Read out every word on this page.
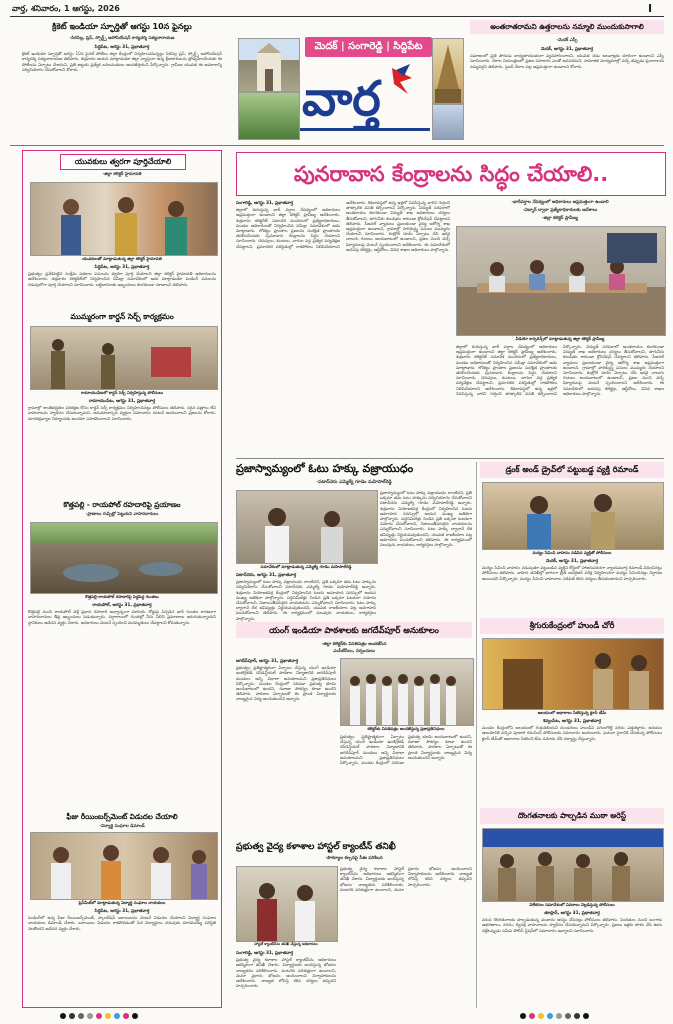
వార్త, శనివారం, 1 ఆగస్టు, 2026	I
క్రికెట్ ఇండియా స్ఫూర్తితో ఆగస్టు 10న ఫైనల్లు
-సిరిసిల్ల, ప్రెస్, స్పోర్ట్స్ అసోసియేషన్ కార్యదర్శి సత్యనారాయణ
సిద్దిపేట, ఆగస్టు 31, ప్రభాతవార్త

క్రికెట్ ఇండియా స్ఫూర్తితో ఆగస్టు 10న ఫైనల్ పోటీలు జిల్లా కేంద్రంలో నిర్వహించనున్నట్లు సిరిసిల్ల ప్రెస్, స్పోర్ట్స్ అసోసియేషన్ కార్యదర్శి సత్యనారాయణ తెలిపారు. శుక్రవారం ఆయన మాట్లాడుతూ జిల్లా వ్యాప్తంగా ఉన్న క్రీడాకారులను ప్రోత్సహించేందుకు ఈ పోటీలను ఏర్పాటు చేశామని, ప్రతి జట్టుకు ప్రత్యేక బహుమతులు అందజేస్తామని పేర్కొన్నారు. గ్రామీణ యువత ఈ అవకాశాన్ని సద్వినియోగం చేసుకోవాలని కోరారు.

మెదక్ | సంగారెడ్డి | సిద్దిపేట
వార్త
అంతరాతరామని ఉత్తరాలను నమ్మాలి ముందుకుసాగాలి
-మెదక్ ఎస్పీ
మెదక్, ఆగస్టు 31, ప్రభాతవార్త

సమాజంలో ప్రతి పౌరుడు బాధ్యతాయుతంగా వ్యవహరించాలని, యువత చెడు అలవాట్లకు దూరంగా ఉండాలని ఎస్పీ సూచించారు. నేరాల నియంత్రణలో ప్రజల సహకారం ఎంతో అవసరమని, సామాజిక మాధ్యమాల్లో వచ్చే తప్పుడు ప్రచారాలను నమ్మవద్దని తెలిపారు. సైబర్ నేరాల పట్ల అప్రమత్తంగా ఉండాలని కోరారు.

యువకులు త్వరగా పూర్తిచేయాలి
-జిల్లా కలెక్టర్ హైమావతి
యువకులతో మాట్లాడుతున్న జిల్లా కలెక్టర్ హైమావతి
సిద్దిపేట, ఆగస్టు 31, ప్రభాతవార్త

ప్రభుత్వం ప్రవేశపెట్టిన సంక్షేమ పథకాల పనులను త్వరగా పూర్తి చేయాలని జిల్లా కలెక్టర్ హైమావతి అధికారులను ఆదేశించారు. శుక్రవారం కలెక్టరేట్‌లో నిర్వహించిన సమీక్షా సమావేశంలో ఆమె మాట్లాడుతూ పెండింగ్ పనులను గడువులోగా పూర్తి చేయాలని సూచించారు. లబ్ధిదారులకు ఇబ్బందులు కలగకుండా చూడాలని తెలిపారు.

ముమ్మరంగా కార్డన్ సెర్చ్ కార్యక్రమం
రామాయంపేటలో కార్డన్ సెర్చ్ నిర్వహిస్తున్న పోలీసులు
రామాయంపేట, ఆగస్టు 31, ప్రభాతవార్త

గ్రామాల్లో శాంతిభద్రతల పరిరక్షణ కోసం కార్డన్ సెర్చ్ కార్యక్రమం నిర్వహించినట్లు పోలీసులు తెలిపారు. సరైన పత్రాలు లేని వాహనాలను స్వాధీనం చేసుకున్నామని, అనుమానాస్పద వ్యక్తుల సమాచారం వెంటనే అందించాలని ప్రజలను కోరారు. మాదకద్రవ్యాల నిర్మూలనకు అందరూ సహకరించాలని సూచించారు.

కొత్తపల్లి - రాయపోల్ రహదారిపై ప్రయాణం
-ప్రాణాలు గుప్పిట్లో పెట్టుకుని వాహనదారులు
కొత్తపల్లి-రాయపోల్ రహదారిపై పెద్దపెద్ద గుంతలు
రాయపోల్, ఆగస్టు 31, ప్రభాతవార్త

కొత్తపల్లి నుంచి రాయపోల్ వెళ్లే ప్రధాన రహదారి అధ్వాన్నంగా మారింది. రోడ్డుపై ఏర్పడిన భారీ గుంతల కారణంగా వాహనదారులు తీవ్ర ఇబ్బందులు పడుతున్నారు. వర్షాకాలంలో గుంతల్లో నీరు నిలిచి ప్రమాదాలు జరుగుతున్నాయని స్థానికులు ఆవేదన వ్యక్తం చేశారు. అధికారులు వెంటనే స్పందించి మరమ్మతులు చేపట్టాలని కోరుతున్నారు.

ఫీజు రీయింబర్స్‌మెంట్ విడుదల చేయాలి
-విద్యార్థి సంఘాల డిమాండ్
ప్రెస్‌మీట్‌లో మాట్లాడుతున్న విద్యార్థి సంఘాల నాయకులు
సిద్దిపేట, ఆగస్టు 31, ప్రభాతవార్త

పెండింగ్‌లో ఉన్న ఫీజు రీయింబర్స్‌మెంట్, స్కాలర్‌షిప్ బకాయిలను వెంటనే విడుదల చేయాలని విద్యార్థి సంఘాల నాయకులు డిమాండ్ చేశారు. బకాయిలు విడుదల కాకపోవడంతో పేద విద్యార్థులు చదువుకు దూరమయ్యే పరిస్థితి నెలకొందని ఆవేదన వ్యక్తం చేశారు.

పునరావాస కేంద్రాలను సిద్ధం చేయాలి..
సంగారెడ్డి, ఆగస్టు 31, ప్రభాతవార్త

జిల్లాలో కురుస్తున్న భారీ వర్షాల నేపథ్యంలో అధికారులు అప్రమత్తంగా ఉండాలని జిల్లా కలెక్టర్ ప్రావీణ్య ఆదేశించారు. శుక్రవారం కలెక్టరేట్ సమావేశ మందిరంలో ప్రత్యేకాధికారులు, మండల అధికారులతో నిర్వహించిన సమీక్షా సమావేశంలో ఆమె మాట్లాడారు. లోతట్టు ప్రాంతాల ప్రజలను సురక్షిత ప్రాంతాలకు తరలించేందుకు పునరావాస కేంద్రాలను సిద్ధం చేయాలని సూచించారు. చెరువులు, కుంటలు, వాగుల వద్ద ప్రత్యేక పర్యవేక్షణ చేపట్టాలని, ప్రమాదకర పరిస్థితుల్లో రాకపోకలు నిలిపివేయాలని ఆదేశించారు. శిథిలావస్థలో ఉన్న ఇళ్లలో నివసిస్తున్న వారిని గుర్తించి తాత్కాలిక వసతి కల్పించాలని పేర్కొన్నారు. విద్యుత్ సరఫరాలో అంతరాయం కలగకుండా విద్యుత్ శాఖ అధికారులు చర్యలు తీసుకోవాలని, తాగునీరు కలుషితం కాకుండా క్లోరినేషన్ చేపట్టాలని తెలిపారు. సీజనల్ వ్యాధులు ప్రబలకుండా వైద్య ఆరోగ్య శాఖ అప్రమత్తంగా ఉండాలని, గ్రామాల్లో పారిశుద్ధ్య పనులు ముమ్మరం చేయాలని సూచించారు. కంట్రోల్ రూమ్ ఏర్పాటు చేసి ఇరవై నాలుగు గంటలు అందుబాటులో ఉండాలని, ప్రజల నుంచి వచ్చే ఫిర్యాదులపై వెంటనే స్పందించాలని ఆదేశించారు. ఈ సమావేశంలో అదనపు కలెక్టర్లు, ఆర్డీవోలు, వివిధ శాఖల అధికారులు పాల్గొన్నారు.

-భారీవర్షాల నేపథ్యంలో అధికారులు అప్రమత్తంగా ఉండాలి
-వెబ్నార్ ద్వారా ప్రత్యేకాధికారులకు ఆదేశాలు
-జిల్లా కలెక్టర్ ప్రావీణ్య
వీడియో కాన్ఫరెన్స్‌లో మాట్లాడుతున్న జిల్లా కలెక్టర్ ప్రావీణ్య

జిల్లాలో కురుస్తున్న భారీ వర్షాల నేపథ్యంలో అధికారులు అప్రమత్తంగా ఉండాలని జిల్లా కలెక్టర్ ప్రావీణ్య ఆదేశించారు. శుక్రవారం కలెక్టరేట్ సమావేశ మందిరంలో ప్రత్యేకాధికారులు, మండల అధికారులతో నిర్వహించిన సమీక్షా సమావేశంలో ఆమె మాట్లాడారు. లోతట్టు ప్రాంతాల ప్రజలను సురక్షిత ప్రాంతాలకు తరలించేందుకు పునరావాస కేంద్రాలను సిద్ధం చేయాలని సూచించారు. చెరువులు, కుంటలు, వాగుల వద్ద ప్రత్యేక పర్యవేక్షణ చేపట్టాలని, ప్రమాదకర పరిస్థితుల్లో రాకపోకలు నిలిపివేయాలని ఆదేశించారు. శిథిలావస్థలో ఉన్న ఇళ్లలో నివసిస్తున్న వారిని గుర్తించి తాత్కాలిక వసతి కల్పించాలని పేర్కొన్నారు. విద్యుత్ సరఫరాలో అంతరాయం కలగకుండా విద్యుత్ శాఖ అధికారులు చర్యలు తీసుకోవాలని, తాగునీరు కలుషితం కాకుండా క్లోరినేషన్ చేపట్టాలని తెలిపారు. సీజనల్ వ్యాధులు ప్రబలకుండా వైద్య ఆరోగ్య శాఖ అప్రమత్తంగా ఉండాలని, గ్రామాల్లో పారిశుద్ధ్య పనులు ముమ్మరం చేయాలని సూచించారు. కంట్రోల్ రూమ్ ఏర్పాటు చేసి ఇరవై నాలుగు గంటలు అందుబాటులో ఉండాలని, ప్రజల నుంచి వచ్చే ఫిర్యాదులపై వెంటనే స్పందించాలని ఆదేశించారు. ఈ సమావేశంలో అదనపు కలెక్టర్లు, ఆర్డీవోలు, వివిధ శాఖల అధికారులు పాల్గొన్నారు.

ప్రజాస్వామ్యంలో ఓటు హక్కు వజ్రాయుధం
-పటాన్‌చెరు ఎమ్మెల్యే గూడెం మహిపాల్‌రెడ్డి
సమావేశంలో మాట్లాడుతున్న ఎమ్మెల్యే గూడెం మహిపాల్‌రెడ్డి
పటాన్‌చెరు, ఆగస్టు 31, ప్రభాతవార్త

ప్రజాస్వామ్యంలో ఓటు హక్కు వజ్రాయుధం లాంటిదని, ప్రతి ఒక్కరూ తమ ఓటు హక్కును సద్వినియోగం చేసుకోవాలని పటాన్‌చెరు ఎమ్మెల్యే గూడెం మహిపాల్‌రెడ్డి అన్నారు. శుక్రవారం నియోజకవర్గ కేంద్రంలో నిర్వహించిన ఓటరు అవగాహన సదస్సులో ఆయన ముఖ్య అతిథిగా పాల్గొన్నారు. పద్దెనిమిదేళ్లు నిండిన ప్రతి ఒక్కరూ ఓటరుగా నమోదు చేసుకోవాలని, నిజాయితీపరులైన నాయకులను ఎన్నుకోవాలని సూచించారు. ఓటు హక్కు ద్వారానే దేశ భవిష్యత్తు నిర్ణయమవుతుందని, యువత రాజకీయాల పట్ల అవగాహన పెంచుకోవాలని తెలిపారు. ఈ కార్యక్రమంలో పలువురు నాయకులు, కార్యకర్తలు పాల్గొన్నారు.

ప్రజాస్వామ్యంలో ఓటు హక్కు వజ్రాయుధం లాంటిదని, ప్రతి ఒక్కరూ తమ ఓటు హక్కును సద్వినియోగం చేసుకోవాలని పటాన్‌చెరు ఎమ్మెల్యే గూడెం మహిపాల్‌రెడ్డి అన్నారు. శుక్రవారం నియోజకవర్గ కేంద్రంలో నిర్వహించిన ఓటరు అవగాహన సదస్సులో ఆయన ముఖ్య అతిథిగా పాల్గొన్నారు. పద్దెనిమిదేళ్లు నిండిన ప్రతి ఒక్కరూ ఓటరుగా నమోదు చేసుకోవాలని, నిజాయితీపరులైన నాయకులను ఎన్నుకోవాలని సూచించారు. ఓటు హక్కు ద్వారానే దేశ భవిష్యత్తు నిర్ణయమవుతుందని, యువత రాజకీయాల పట్ల అవగాహన పెంచుకోవాలని తెలిపారు. ఈ కార్యక్రమంలో పలువురు నాయకులు, కార్యకర్తలు పాల్గొన్నారు.

యంగ్ ఇండియా పాఠశాలకు జగదేవ్‌పూర్ అనుకూలం
-జిల్లా కలెక్టర్‌కు వినతిపత్రం అందజేసిన
ఎంపీటీసీలు, సర్పంచులు
జగదేవ్‌పూర్, ఆగస్టు 31, ప్రభాతవార్త

ప్రభుత్వం ప్రతిష్టాత్మకంగా ఏర్పాటు చేస్తున్న యంగ్ ఇండియా ఇంటిగ్రేటెడ్ రెసిడెన్షియల్ పాఠశాల నిర్మాణానికి జగదేవ్‌పూర్ మండలం అన్ని విధాలా అనుకూలమని ప్రజాప్రతినిధులు పేర్కొన్నారు. మండల కేంద్రంలో సరిపడా ప్రభుత్వ భూమి అందుబాటులో ఉందని, రవాణా సౌకర్యం కూడా ఉందని తెలిపారు. పాఠశాల ఏర్పాటుతో ఈ ప్రాంత విద్యార్థులకు నాణ్యమైన విద్య అందుతుందని అన్నారు.

కలెక్టర్‌కు వినతిపత్రం అందజేస్తున్న ప్రజాప్రతినిధులు

ప్రభుత్వం ప్రతిష్టాత్మకంగా ఏర్పాటు చేస్తున్న యంగ్ ఇండియా ఇంటిగ్రేటెడ్ రెసిడెన్షియల్ పాఠశాల నిర్మాణానికి జగదేవ్‌పూర్ మండలం అన్ని విధాలా అనుకూలమని ప్రజాప్రతినిధులు పేర్కొన్నారు. మండల కేంద్రంలో సరిపడా ప్రభుత్వ భూమి అందుబాటులో ఉందని, రవాణా సౌకర్యం కూడా ఉందని తెలిపారు. పాఠశాల ఏర్పాటుతో ఈ ప్రాంత విద్యార్థులకు నాణ్యమైన విద్య అందుతుందని అన్నారు.

ప్రభుత్వ వైద్య కళాశాల హాస్టల్ క్యాంటీన్ తనిఖీ
-సౌకర్యాల కల్పనపై సీఈ పరిశీలన
హాస్టల్ క్యాంటీన్‌ను తనిఖీ చేస్తున్న అధికారులు
సంగారెడ్డి, ఆగస్టు 31, ప్రభాతవార్త

ప్రభుత్వ వైద్య కళాశాల హాస్టల్ క్యాంటీన్‌ను అధికారులు ఆకస్మికంగా తనిఖీ చేశారు. విద్యార్థులకు అందిస్తున్న భోజనం నాణ్యతను పరిశీలించారు. వంటగది పరిశుభ్రంగా ఉంచాలని, మెనూ ప్రకారం భోజనం అందించాలని నిర్వాహకులను ఆదేశించారు. నాణ్యత లోపిస్తే కఠిన చర్యలు తప్పవని హెచ్చరించారు.

ప్రభుత్వ వైద్య కళాశాల హాస్టల్ క్యాంటీన్‌ను అధికారులు ఆకస్మికంగా తనిఖీ చేశారు. విద్యార్థులకు అందిస్తున్న భోజనం నాణ్యతను పరిశీలించారు. వంటగది పరిశుభ్రంగా ఉంచాలని, మెనూ ప్రకారం భోజనం అందించాలని నిర్వాహకులను ఆదేశించారు. నాణ్యత లోపిస్తే కఠిన చర్యలు తప్పవని హెచ్చరించారు.

డ్రంక్ అండ్ డ్రైవ్‌లో పట్టుబడ్డ వ్యక్తి రిమాండ్
మద్యం సేవించి వాహనం నడిపిన వ్యక్తితో పోలీసులు
మెదక్, ఆగస్టు 31, ప్రభాతవార్త

మద్యం సేవించి వాహనం నడుపుతూ పట్టుబడిన వ్యక్తిని కోర్టులో హాజరుపరచగా న్యాయమూర్తి రిమాండ్ విధించినట్లు పోలీసులు తెలిపారు. వాహన తనిఖీల్లో భాగంగా బ్రీత్ అనలైజర్ పరీక్ష నిర్వహించగా మద్యం సేవించినట్లు నిర్ధారణ అయిందని పేర్కొన్నారు. మద్యం సేవించి వాహనాలు నడిపితే కఠిన చర్యలు తీసుకుంటామని హెచ్చరించారు.

శ్రీగురుకేంద్రంలో హుండీ చోరీ
ఆలయంలో ఆధారాలు సేకరిస్తున్న క్లూస్ టీమ్
శివ్వంపేట, ఆగస్టు 31, ప్రభాతవార్త

మండల కేంద్రంలోని ఆలయంలో గుర్తుతెలియని దుండగులు హుండీని పగులగొట్టి నగదు ఎత్తుకెళ్లారు. ఉదయం ఆలయానికి వచ్చిన పూజారి గమనించి పోలీసులకు సమాచారం అందించారు. ఘటనా స్థలానికి చేరుకున్న పోలీసులు క్లూస్ టీమ్‌తో ఆధారాలు సేకరించి కేసు నమోదు చేసి దర్యాప్తు చేస్తున్నారు.

దొంగతనాలకు పాల్పడిన ముఠా అరెస్ట్
విలేకరుల సమావేశంలో వివరాలు వెల్లడిస్తున్న పోలీసులు
తూప్రాన్, ఆగస్టు 31, ప్రభాతవార్త

వరుస దొంగతనాలకు పాల్పడుతున్న ముఠాను అరెస్టు చేసినట్లు పోలీసులు తెలిపారు. నిందితుల నుంచి బంగారు ఆభరణాలు, నగదు, ద్విచక్ర వాహనాలను స్వాధీనం చేసుకున్నామని పేర్కొన్నారు. ప్రజలు ఇళ్లకు తాళం వేసి ఊరు వెళ్లేటప్పుడు సమీప పోలీస్ స్టేషన్‌లో సమాచారం ఇవ్వాలని సూచించారు.
